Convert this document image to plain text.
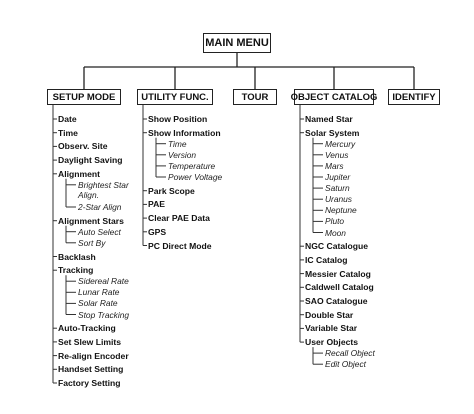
MAIN MENU
SETUP MODE
Date
Time
Observ. Site
Daylight Saving
Alignment
Brightest Star Align.
2-Star Align
Alignment Stars
Auto Select
Sort By
Backlash
Tracking
Sidereal Rate
Lunar Rate
Solar Rate
Stop Tracking
Auto-Tracking
Set Slew Limits
Re-align Encoder
Handset Setting
Factory Setting
UTILITY FUNC.
Show Position
Show Information
Time
Version
Temperature
Power Voltage
Park Scope
PAE
Clear PAE Data
GPS
PC Direct Mode
TOUR	OBJECT CATALOG
Named Star
Solar System
Mercury
Venus
Mars
Jupiter
Saturn
Uranus
Neptune
Pluto
Moon
NGC Catalogue
IC Catalog
Messier Catalog
Caldwell Catalog
SAO Catalogue
Double Star
Variable Star
User Objects
Recall Object
Edit Object
IDENTIFY
